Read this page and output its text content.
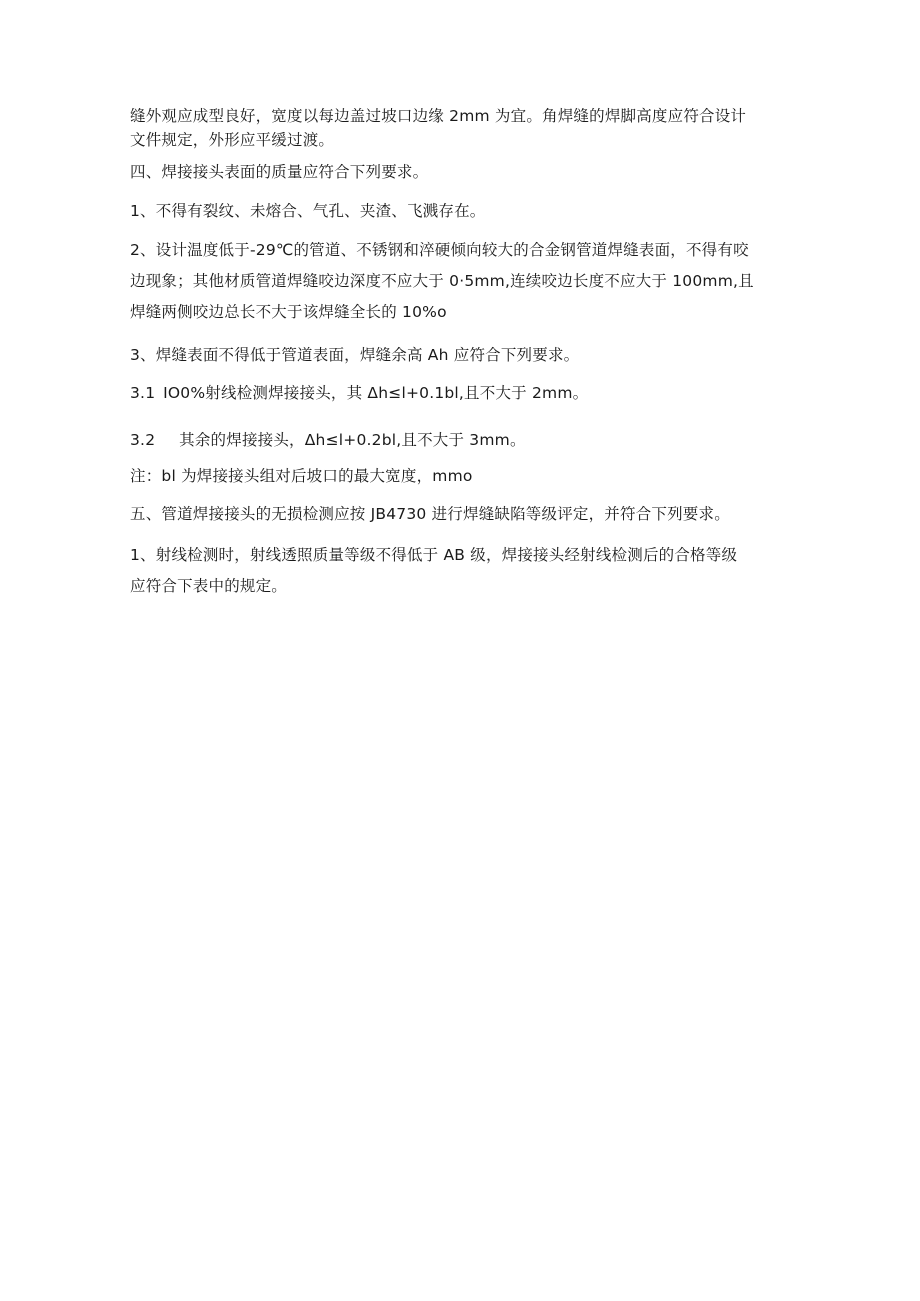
缝外观应成型良好，宽度以每边盖过坡口边缘 2mm 为宜。角焊缝的焊脚高度应符合设计
文件规定，外形应平缓过渡。
四、焊接接头表面的质量应符合下列要求。
1、不得有裂纹、未熔合、气孔、夹渣、飞溅存在。
2、设计温度低于-29℃的管道、不锈钢和淬硬倾向较大的合金钢管道焊缝表面，不得有咬
边现象；其他材质管道焊缝咬边深度不应大于 0·5mm,连续咬边长度不应大于 100mm,且
焊缝两侧咬边总长不大于该焊缝全长的 10%o
3、焊缝表面不得低于管道表面，焊缝余高 Ah 应符合下列要求。
3.1 IO0%射线检测焊接接头，其 Δh≤l+0.1bl,且不大于 2mm。
3.2 其余的焊接接头，Δh≤l+0.2bl,且不大于 3mm。
注：bl 为焊接接头组对后坡口的最大宽度，mmo
五、管道焊接接头的无损检测应按 JB4730 进行焊缝缺陷等级评定，并符合下列要求。
1、射线检测时，射线透照质量等级不得低于 AB 级，焊接接头经射线检测后的合格等级
应符合下表中的规定。
